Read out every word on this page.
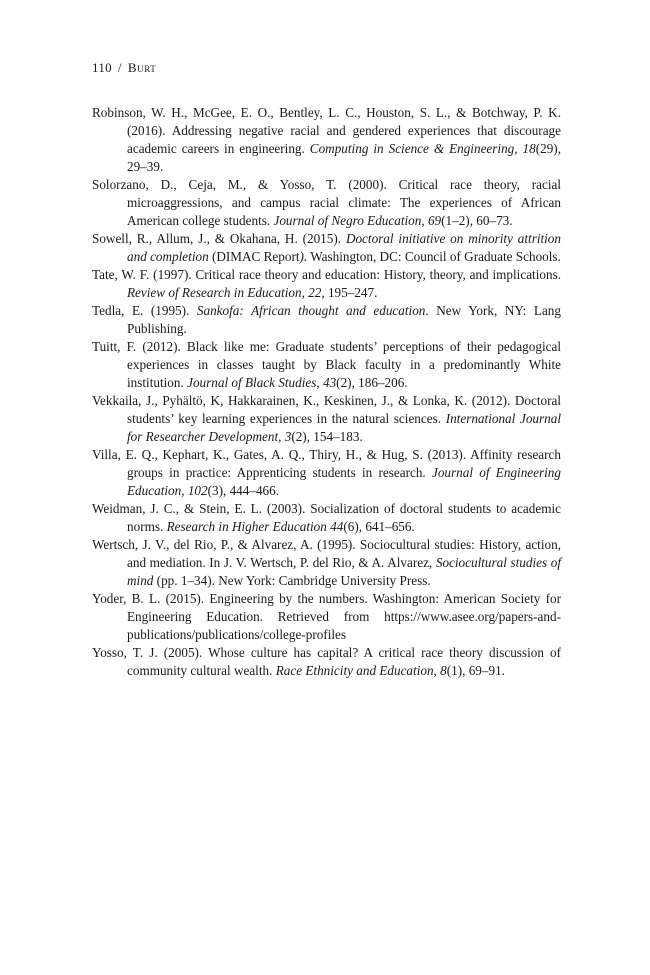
110 / Burt

Robinson, W. H., McGee, E. O., Bentley, L. C., Houston, S. L., & Botchway, P. K. (2016). Addressing negative racial and gendered experiences that discourage academic careers in engineering. Computing in Science & Engineering, 18(29), 29–39.

Solorzano, D., Ceja, M., & Yosso, T. (2000). Critical race theory, racial microaggressions, and campus racial climate: The experiences of African American college students. Journal of Negro Education, 69(1–2), 60–73.

Sowell, R., Allum, J., & Okahana, H. (2015). Doctoral initiative on minority attrition and completion (DIMAC Report). Washington, DC: Council of Graduate Schools.

Tate, W. F. (1997). Critical race theory and education: History, theory, and implications. Review of Research in Education, 22, 195–247.

Tedla, E. (1995). Sankofa: African thought and education. New York, NY: Lang Publishing.

Tuitt, F. (2012). Black like me: Graduate students’ perceptions of their pedagogical experiences in classes taught by Black faculty in a predominantly White institution. Journal of Black Studies, 43(2), 186–206.

Vekkaila, J., Pyhältö, K, Hakkarainen, K., Keskinen, J., & Lonka, K. (2012). Doctoral students’ key learning experiences in the natural sciences. International Journal for Researcher Development, 3(2), 154–183.

Villa, E. Q., Kephart, K., Gates, A. Q., Thiry, H., & Hug, S. (2013). Affinity research groups in practice: Apprenticing students in research. Journal of Engineering Education, 102(3), 444–466.

Weidman, J. C., & Stein, E. L. (2003). Socialization of doctoral students to academic norms. Research in Higher Education 44(6), 641–656.

Wertsch, J. V., del Rio, P., & Alvarez, A. (1995). Sociocultural studies: History, action, and mediation. In J. V. Wertsch, P. del Rio, & A. Alvarez, Sociocultural studies of mind (pp. 1–34). New York: Cambridge University Press.

Yoder, B. L. (2015). Engineering by the numbers. Washington: American Society for Engineering Education. Retrieved from https://www.asee.org/papers-and-publications/publications/college-profiles

Yosso, T. J. (2005). Whose culture has capital? A critical race theory discussion of community cultural wealth. Race Ethnicity and Education, 8(1), 69–91.
